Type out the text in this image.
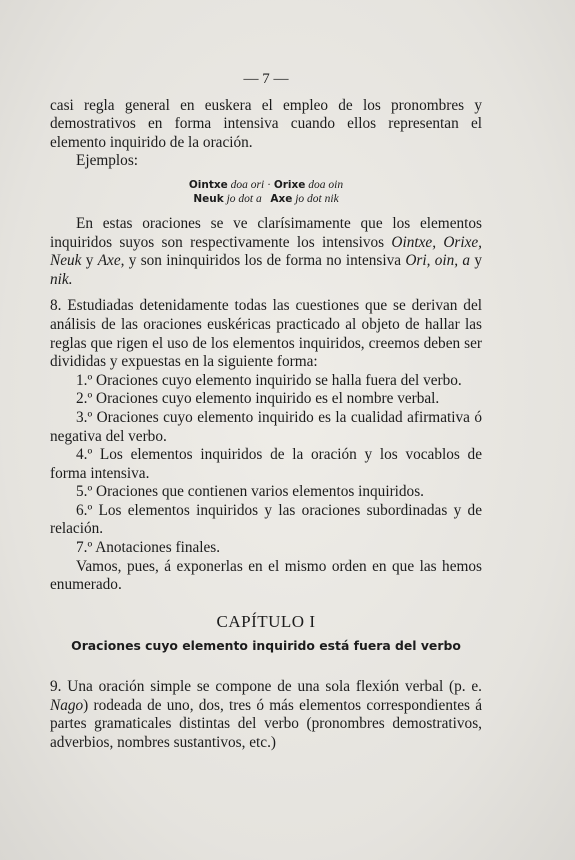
— 7 —

casi regla general en euskera el empleo de los pronombres y demostrativos en forma intensiva cuando ellos representan el elemento inquirido de la oración.

Ejemplos:

Ointxe doa ori · Orixe doa oin
Neuk jo dot a Axe jo dot nik

En estas oraciones se ve clarísimamente que los elementos inquiridos suyos son respectivamente los intensivos Ointxe, Orixe, Neuk y Axe, y son ininquiridos los de forma no intensiva Ori, oin, a y nik.

8. Estudiadas detenidamente todas las cuestiones que se derivan del análisis de las oraciones euskéricas practicado al objeto de hallar las reglas que rigen el uso de los elementos inquiridos, creemos deben ser divididas y expuestas en la siguiente forma:

1.º Oraciones cuyo elemento inquirido se halla fuera del verbo.

2.º Oraciones cuyo elemento inquirido es el nombre verbal.

3.º Oraciones cuyo elemento inquirido es la cualidad afirmativa ó negativa del verbo.

4.º Los elementos inquiridos de la oración y los vocablos de forma intensiva.

5.º Oraciones que contienen varios elementos inquiridos.

6.º Los elementos inquiridos y las oraciones subordinadas y de relación.

7.º Anotaciones finales.

Vamos, pues, á exponerlas en el mismo orden en que las hemos enumerado.

CAPÍTULO I

Oraciones cuyo elemento inquirido está fuera del verbo

9. Una oración simple se compone de una sola flexión verbal (p. e. Nago) rodeada de uno, dos, tres ó más elementos correspondientes á partes gramaticales distintas del verbo (pronombres demostrativos, adverbios, nombres sustantivos, etc.)
